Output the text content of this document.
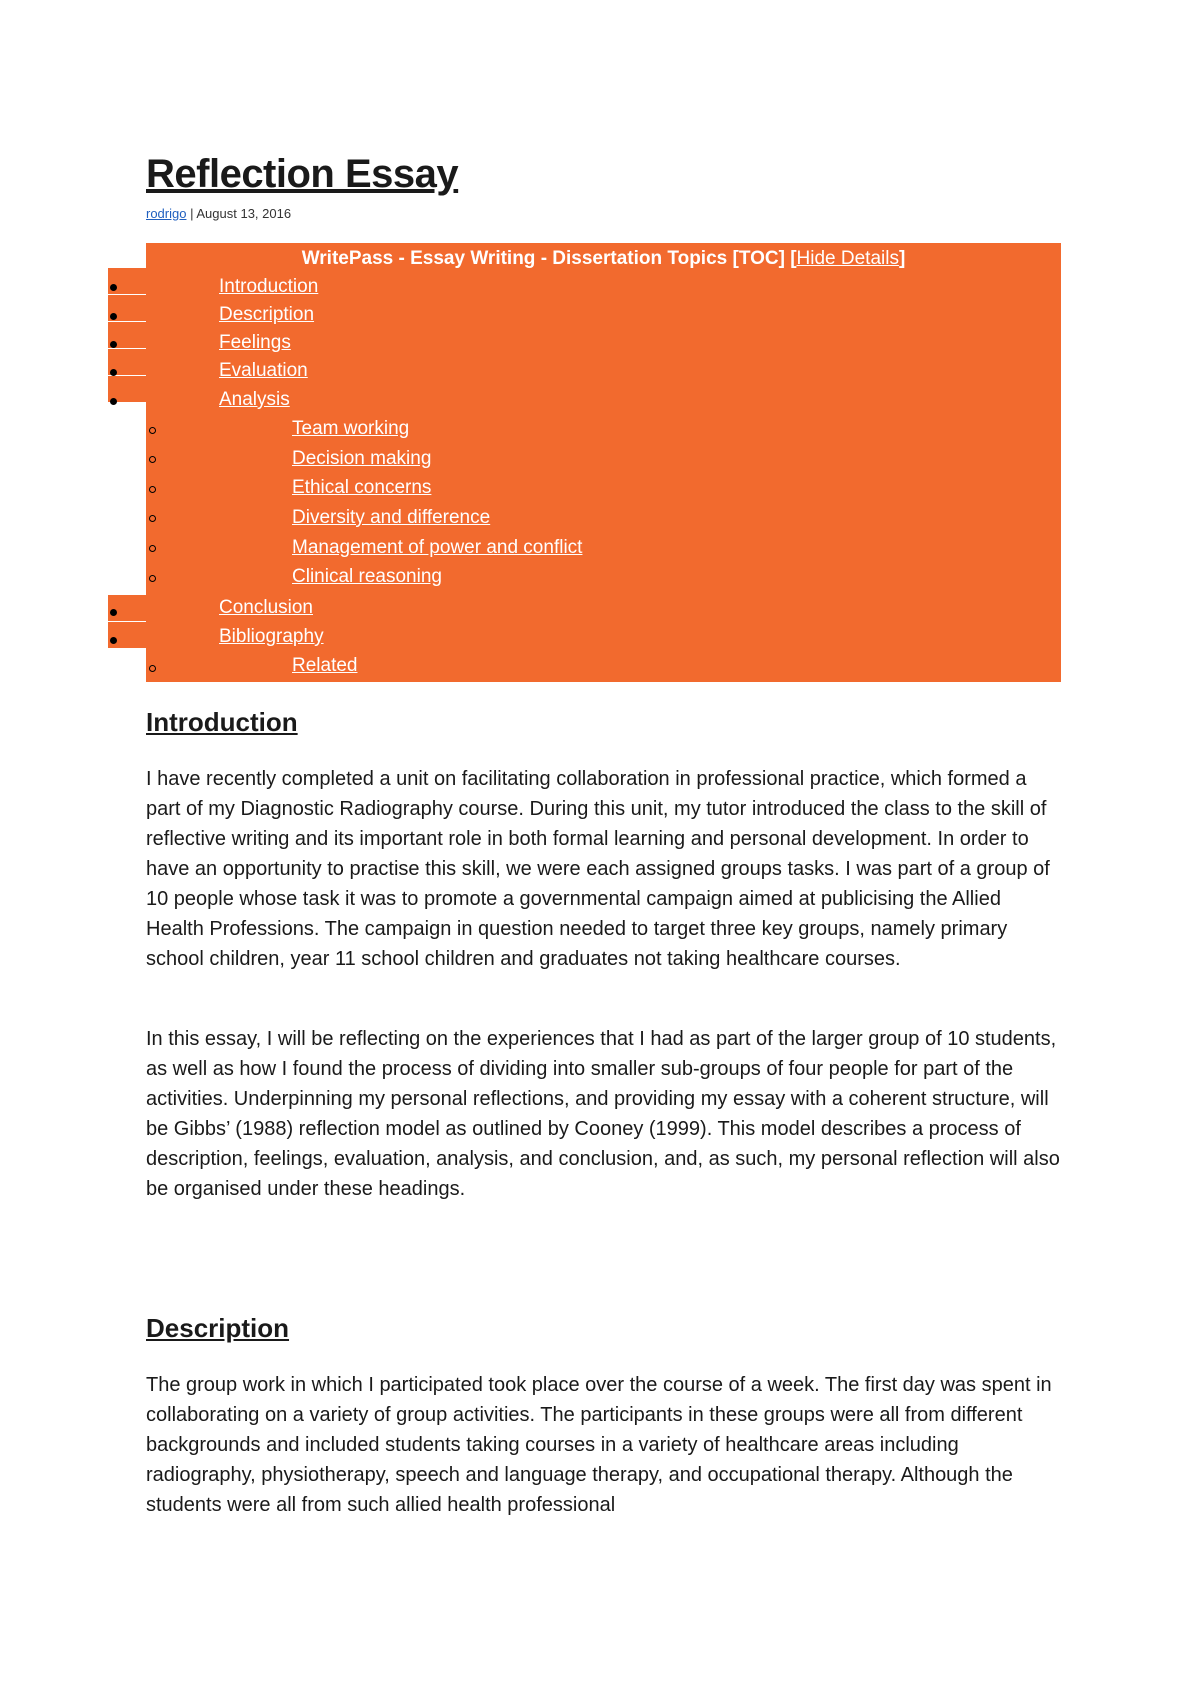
Reflection Essay
rodrigo | August 13, 2016
WritePass - Essay Writing - Dissertation Topics [TOC] [Hide Details]
Introduction
Description
Feelings
Evaluation
Analysis
Team working
Decision making
Ethical concerns
Diversity and difference
Management of power and conflict
Clinical reasoning
Conclusion
Bibliography
Related
Introduction

I have recently completed a unit on facilitating collaboration in professional practice, which formed a part of my Diagnostic Radiography course. During this unit, my tutor introduced the class to the skill of reflective writing and its important role in both formal learning and personal development. In order to have an opportunity to practise this skill, we were each assigned groups tasks. I was part of a group of 10 people whose task it was to promote a governmental campaign aimed at publicising the Allied Health Professions. The campaign in question needed to target three key groups, namely primary school children, year 11 school children and graduates not taking healthcare courses.

In this essay, I will be reflecting on the experiences that I had as part of the larger group of 10 students, as well as how I found the process of dividing into smaller sub-groups of four people for part of the activities. Underpinning my personal reflections, and providing my essay with a coherent structure, will be Gibbs’ (1988) reflection model as outlined by Cooney (1999). This model describes a process of description, feelings, evaluation, analysis, and conclusion, and, as such, my personal reflection will also be organised under these headings.

Description

The group work in which I participated took place over the course of a week. The first day was spent in collaborating on a variety of group activities. The participants in these groups were all from different backgrounds and included students taking courses in a variety of healthcare areas including radiography, physiotherapy, speech and language therapy, and occupational therapy. Although the students were all from such allied health professional
